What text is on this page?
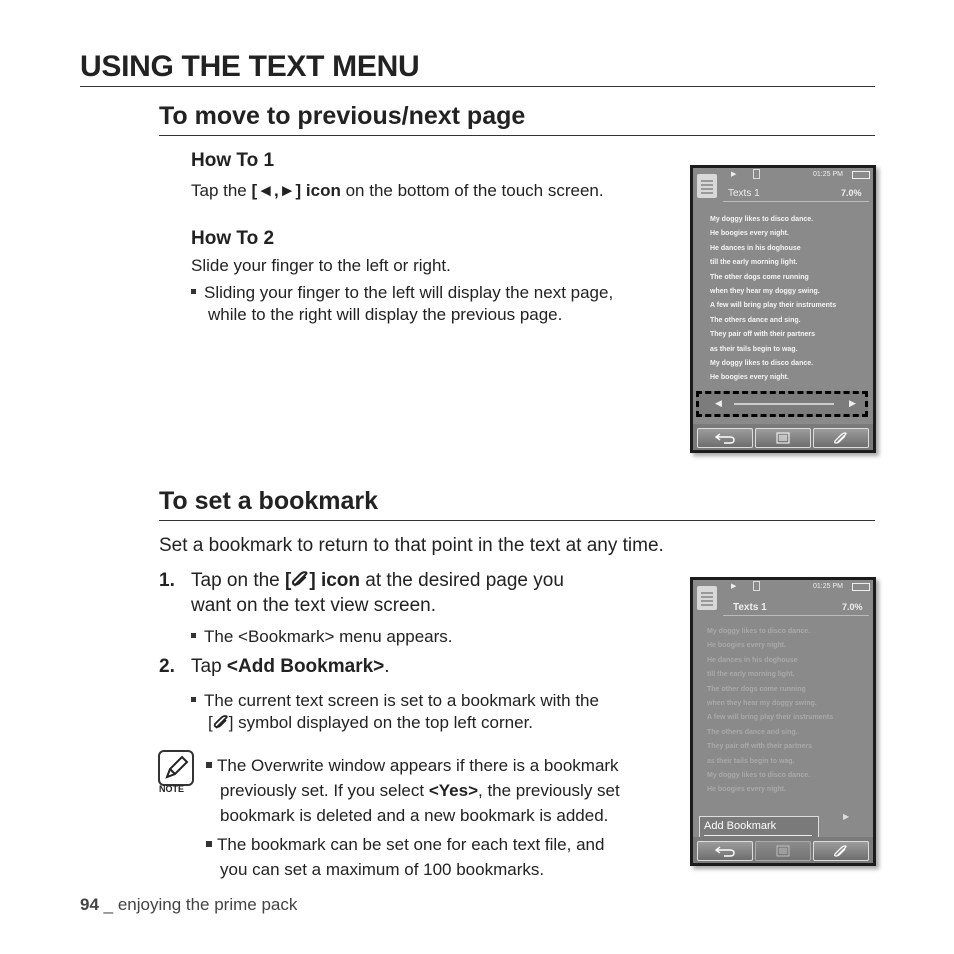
USING THE TEXT MENU
To move to previous/next page
How To 1
Tap the [◄,►] icon on the bottom of the touch screen.
How To 2
Slide your finger to the left or right.
Sliding your finger to the left will display the next page,
while to the right will display the previous page.
▶	01:25 PM
Texts 1	7.0%
My doggy likes to disco dance.
He boogies every night.
He dances in his doghouse
till the early morning light.
The other dogs come running
when they hear my doggy swing.
A few will bring play their instruments
The others dance and sing.
They pair off with their partners
as their tails begin to wag.
My doggy likes to disco dance.
He boogies every night.
◀	▶
To set a bookmark
Set a bookmark to return to that point in the text at any time.
1. Tap on the [ ] icon at the desired page you
want on the text view screen.
The <Bookmark> menu appears.
2. Tap <Add Bookmark>.
The current text screen is set to a bookmark with the
[ ] symbol displayed on the top left corner.
NOTE
The Overwrite window appears if there is a bookmark
previously set. If you select <Yes>, the previously set
bookmark is deleted and a new bookmark is added.
The bookmark can be set one for each text file, and
you can set a maximum of 100 bookmarks.
▶	01:25 PM
Texts 1	7.0%
My doggy likes to disco dance.
He boogies every night.
He dances in his doghouse
till the early morning light.
The other dogs come running
when they hear my doggy swing.
A few will bring play their instruments
The others dance and sing.
They pair off with their partners
as their tails begin to wag.
My doggy likes to disco dance.
He boogies every night.
▶
Add Bookmark
94 _ enjoying the prime pack
